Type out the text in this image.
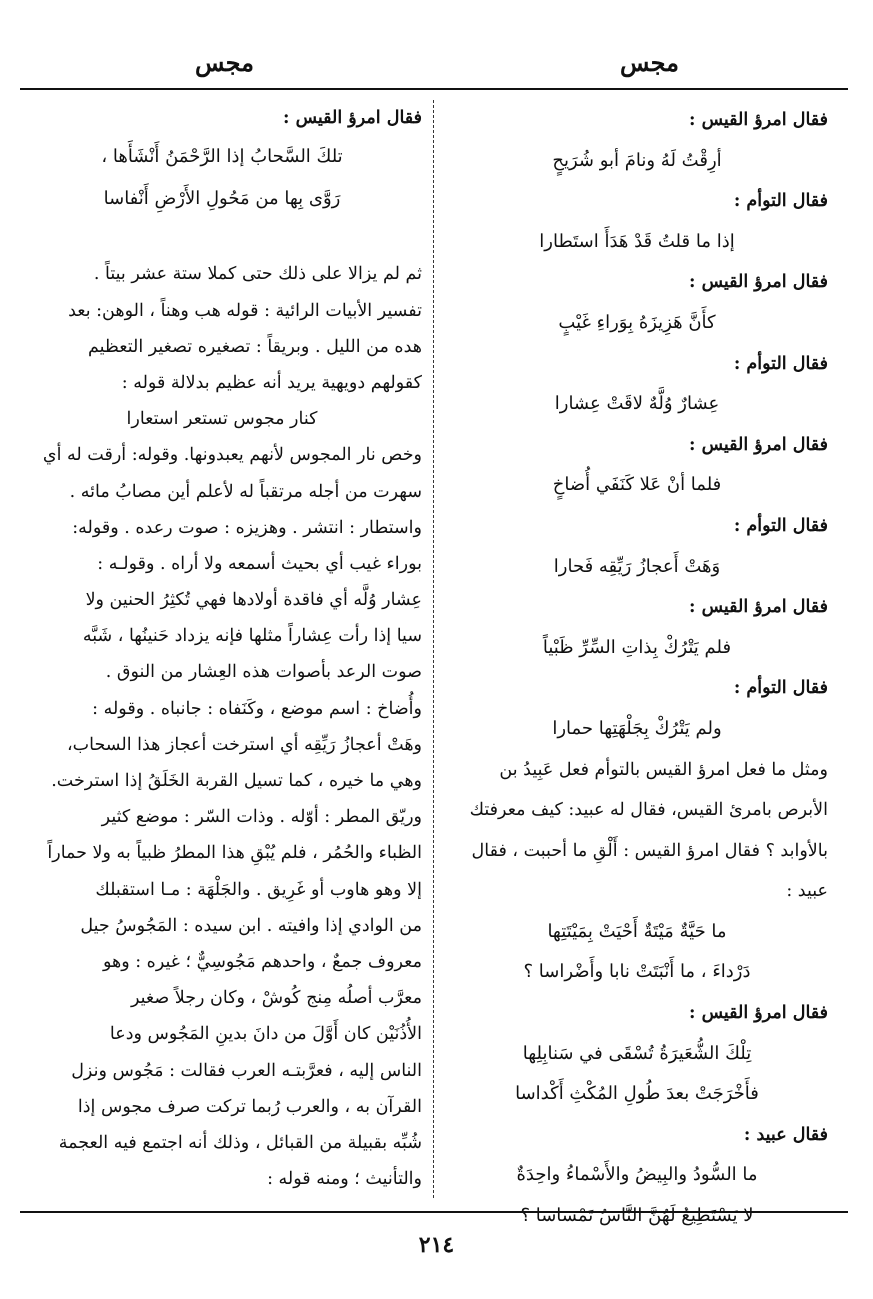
مجس
مجس
فقال امرؤ القيس :
أرِقْتُ لَهُ ونامَ أبو شُرَيحٍ
فقال التوأم :
إذا ما قلتُ قَدْ هَدَأَ استَطارا
فقال امرؤ القيس :
كأَنَّ هَزِيزَهُ بِوَراءِ غَيْبٍ
فقال التوأم :
عِشارٌ وُلَّهٌ لاقَتْ عِشارا
فقال امرؤ القيس :
فلما أنْ عَلا كَنَفَي أُضاخٍ
فقال التوأم :
وَهَتْ أَعجازُ رَيِّقِه فَحارا
فقال امرؤ القيس :
فلم يَتْرُكْ بِذاتِ السِّرِّ ظَبْياً
فقال التوأم :
ولم يَتْرُكْ بِجَلْهَتِها حمارا
ومثل ما فعل امرؤ القيس بالتوأم فعل عَبِيدُ بن
الأبرص بامرئ القيس، فقال له عبيد: كيف معرفتك
بالأوابد ؟ فقال امرؤ القيس : أَلْقِ ما أحببت ، فقال
عبيد :
ما حَيَّةٌ مَيْتَةٌ أَحْيَتْ بِمَيْتَتِها
دَرْداءَ ، ما أَنْبَتَتْ نابا وأَضْراسا ؟
فقال امرؤ القيس :
تِلْكَ الشُّعَيرَةُ تُسْقَى في سَنابِلِها
فأَخْرَجَتْ بعدَ طُولِ المُكْثِ أَكْداسا
فقال عبيد :
ما السُّودُ والبِيضُ والأَسْماءُ واحِدَةٌ
لا يَسْتَطِيعُ لَهُنَّ النَّاسُ تَمْساسا ؟
فقال امرؤ القيس :
تلكَ السَّحابُ إذا الرَّحْمَنُ أَنْشَأَها ،
رَوَّى بِها من مَحُولِ الأَرْضِ أَنْفاسا
ثم لم يزالا على ذلك حتى كملا ستة عشر بيتاً .
تفسير الأبيات الرائية : قوله هب وهناً ، الوهن: بعد
هده من الليل . وبريقاً : تصغيره تصغير التعظيم
كقولهم دويهية يريد أنه عظيم بدلالة قوله :
كنار مجوس تستعر استعارا
وخص نار المجوس لأنهم يعبدونها. وقوله: أرقت له أي
سهرت من أجله مرتقباً له لأعلم أين مصابُ مائه .
واستطار : انتشر . وهزيزه : صوت رعده . وقوله:
بوراء غيب أي بحيث أسمعه ولا أراه . وقولـه :
عِشار وُلَّه أي فاقدة أولادها فهي تُكثِرُ الحنين ولا
سيا إذا رأت عِشاراً مثلها فإنه يزداد حَنينُها ، شَبَّه
صوت الرعد بأصوات هذه العِشار من النوق .
وأُضاخ : اسم موضع ، وكَنَفاه : جانباه . وقوله :
وهَتْ أعجازُ رَيِّقِه أي استرخت أعجاز هذا السحاب،
وهي ما خيره ، كما تسيل القربة الخَلَقُ إذا استرخت.
وريّق المطر : أوّله . وذات السّر : موضع كثير
الظباء والحُمُر ، فلم يُبْقِ هذا المطرُ ظبياً به ولا حماراً
إلا وهو هاوب أو غَرِيق . والجَلْهَة : مـا استقبلك
من الوادي إذا وافيته . ابن سيده : المَجُوسُ جيل
معروف جمعٌ ، واحدهم مَجُوسِيٌّ ؛ غيره : وهو
معرَّب أصلُه مِنج كُوشْ ، وكان رجلاً صغير
الأُذُنَيْن كان أَوَّلَ من دانَ بدينِ المَجُوس ودعا
الناس إليه ، فعرَّبتـه العرب فقالت : مَجُوس ونزل
القرآن به ، والعرب رُبما تركت صرف مجوس إذا
شُبِّه بقبيلة من القبائل ، وذلك أنه اجتمع فيه العجمة
والتأنيث ؛ ومنه قوله :
٢١٤
